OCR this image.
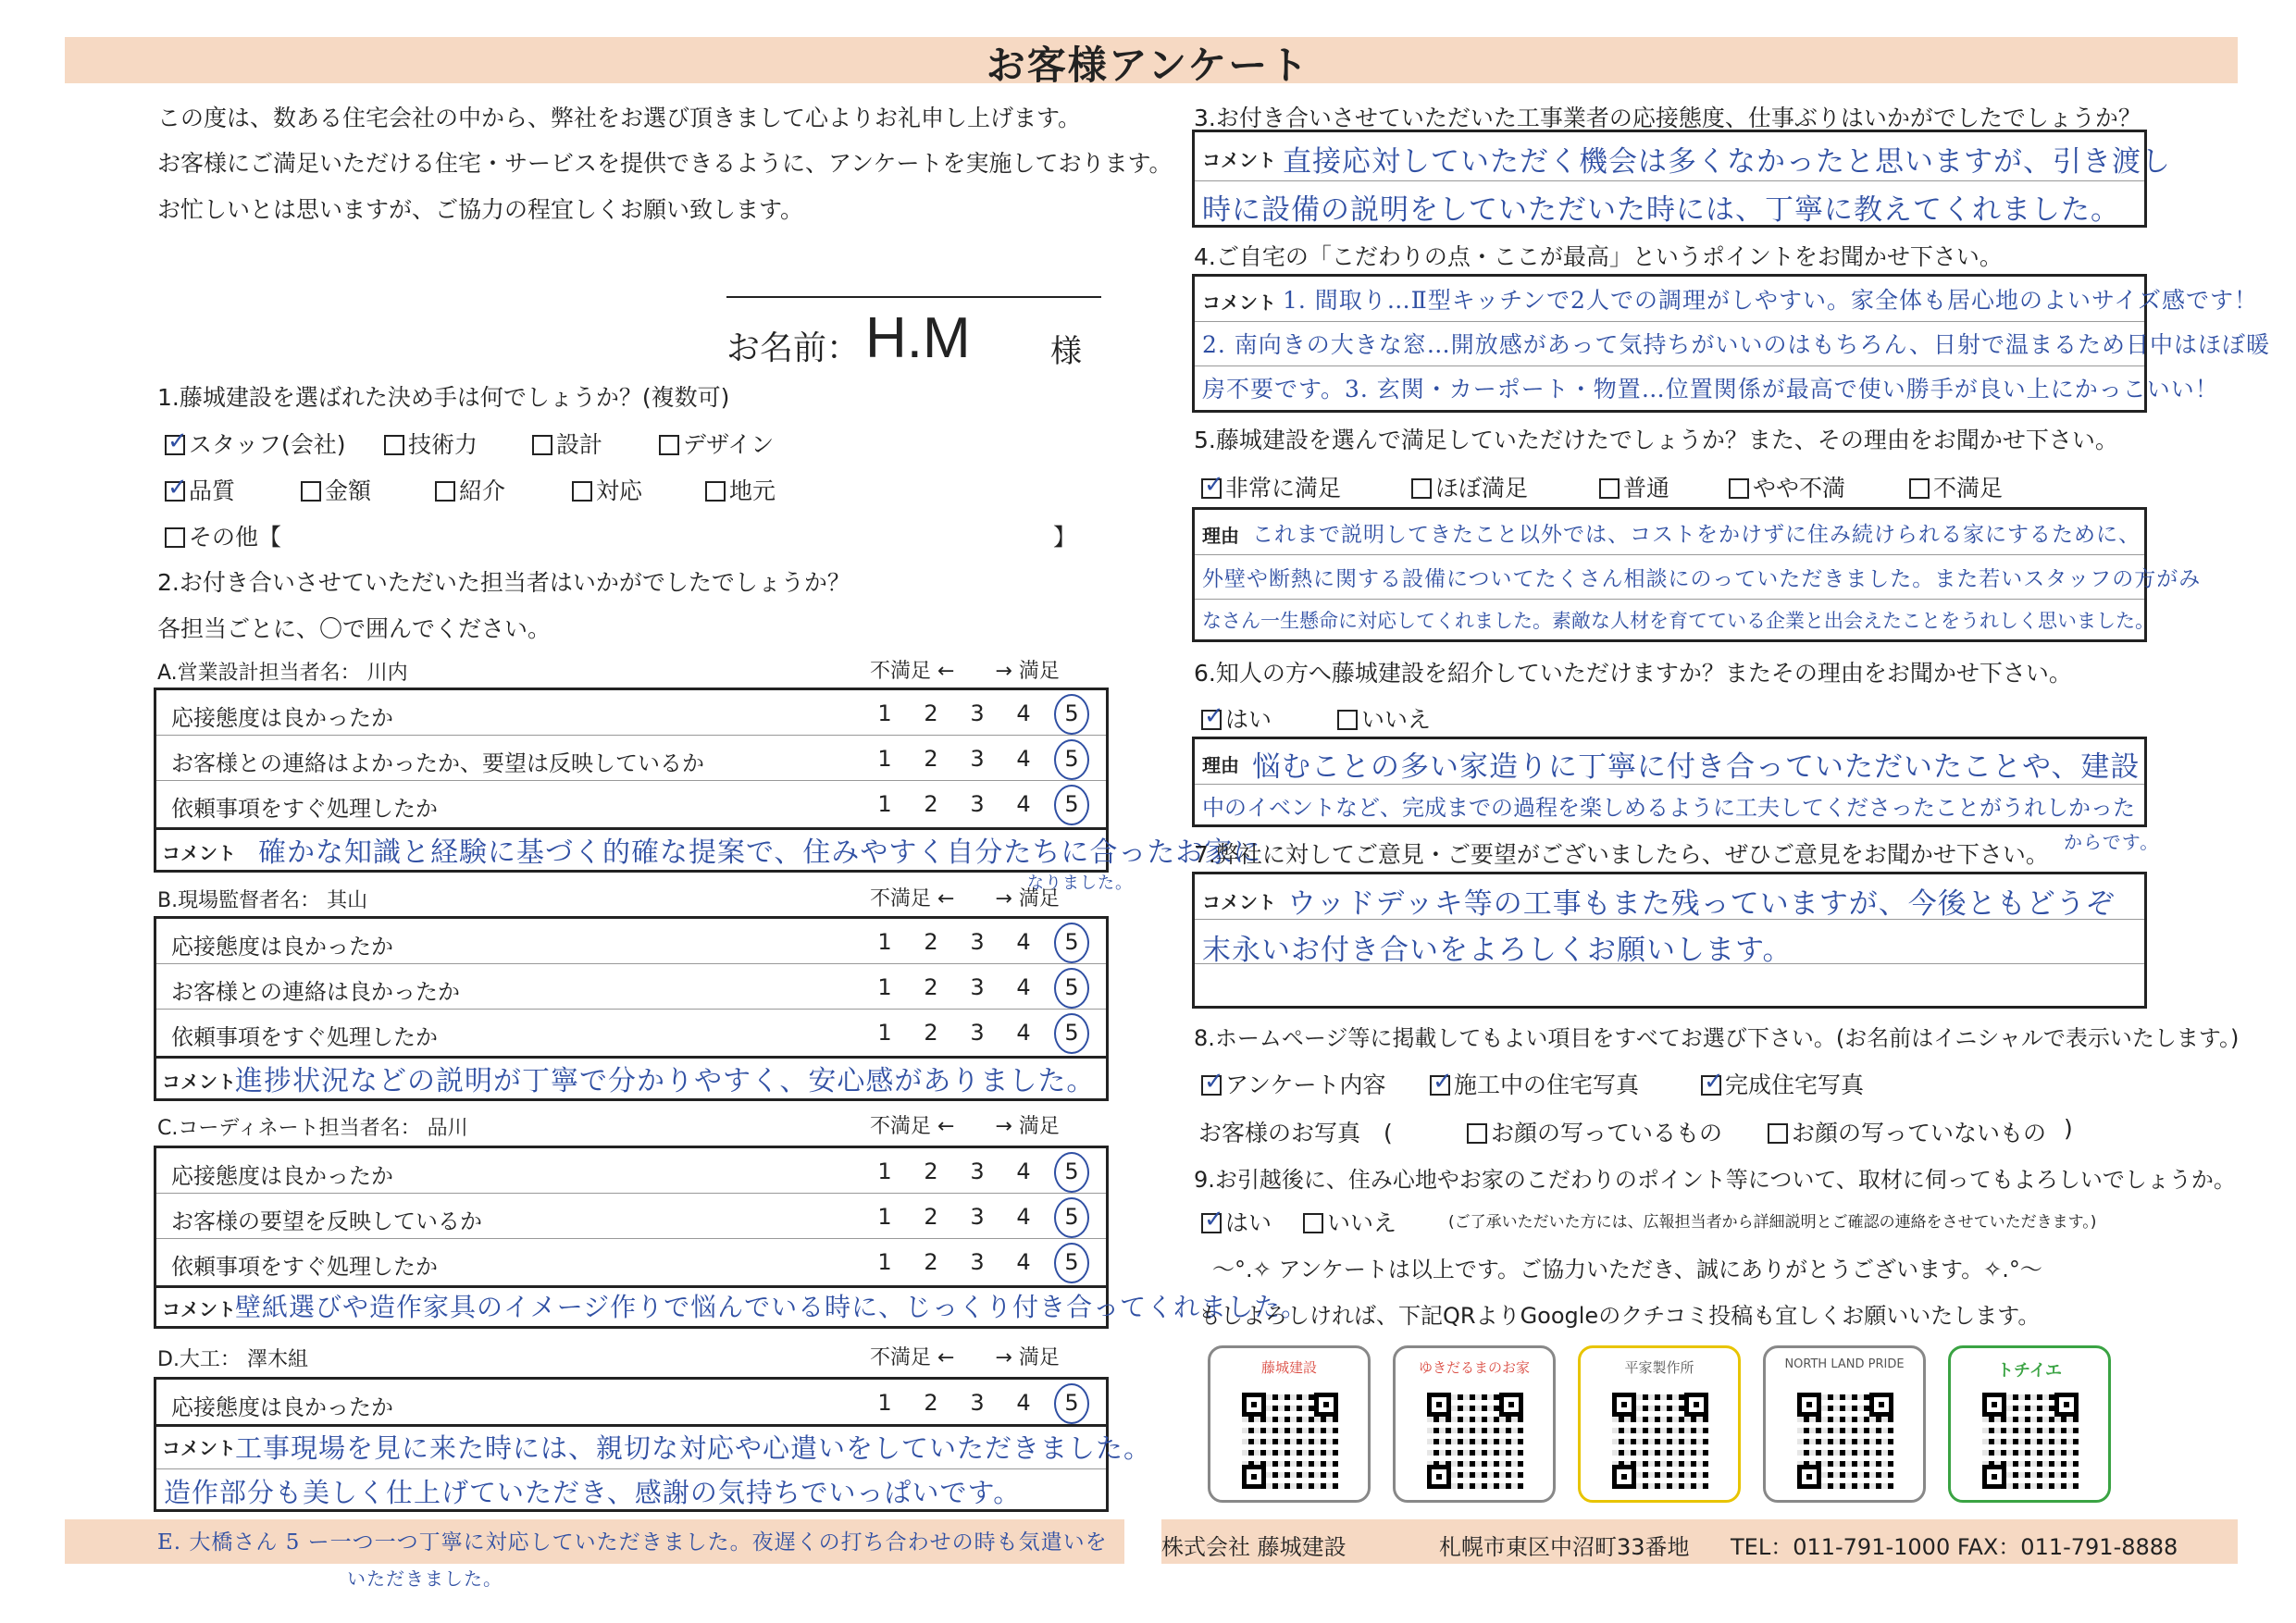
お客様アンケート
この度は、数ある住宅会社の中から、弊社をお選び頂きまして心よりお礼申し上げます。
お客様にご満足いただける住宅・サービスを提供できるように、アンケートを実施しております。
お忙しいとは思いますが、ご協力の程宜しくお願い致します。
お名前： H.M	様
1.藤城建設を選ばれた決め手は何でしょうか？(複数可)
✓スタッフ(会社)	技術力	設計	デザイン
✓品質	金額	紹介	対応	地元
その他【	】
2.お付き合いさせていただいた担当者はいかがでしたでしょうか？
各担当ごとに、〇で囲んでください。
A.営業設計担当者名： 川内	不満足 ←　　→ 満足
応接態度は良かったか	1 2 3 4 5
お客様との連絡はよかったか、要望は反映しているか	1 2 3 4 5
依頼事項をすぐ処理したか	1 2 3 4 5
コメント 確かな知識と経験に基づく的確な提案で、住みやすく自分たちに合ったお家に
なりました。
B.現場監督者名： 其山	不満足 ←　　→ 満足
応接態度は良かったか	1 2 3 4 5
お客様との連絡は良かったか	1 2 3 4 5
依頼事項をすぐ処理したか	1 2 3 4 5
コメント 進捗状況などの説明が丁寧で分かりやすく、安心感がありました。
C.コーディネート担当者名： 品川	不満足 ←　　→ 満足
応接態度は良かったか	1 2 3 4 5
お客様の要望を反映しているか	1 2 3 4 5
依頼事項をすぐ処理したか	1 2 3 4 5
コメント 壁紙選びや造作家具のイメージ作りで悩んでいる時に、じっくり付き合ってくれました。
D.大工： 澤木組	不満足 ←　　→ 満足
応接態度は良かったか	1 2 3 4 5
コメント 工事現場を見に来た時には、親切な対応や心遣いをしていただきました。
造作部分も美しく仕上げていただき、感謝の気持ちでいっぱいです。
E. 大橋さん 5 ー一つ一つ丁寧に対応していただきました。夜遅くの打ち合わせの時も気遣いを
いただきました。
3.お付き合いさせていただいた工事業者の応接態度、仕事ぶりはいかがでしたでしょうか？
コメント 直接応対していただく機会は多くなかったと思いますが、引き渡し
時に設備の説明をしていただいた時には、丁寧に教えてくれました。
4.ご自宅の「こだわりの点・ここが最高」というポイントをお聞かせ下さい。
コメント 1. 間取り…Ⅱ型キッチンで2人での調理がしやすい。家全体も居心地のよいサイズ感です！
2. 南向きの大きな窓…開放感があって気持ちがいいのはもちろん、日射で温まるため日中はほぼ暖
房不要です。3. 玄関・カーポート・物置…位置関係が最高で使い勝手が良い上にかっこいい！
5.藤城建設を選んで満足していただけたでしょうか？また、その理由をお聞かせ下さい。
✓非常に満足	ほぼ満足	普通	やや不満	不満足
理由 これまで説明してきたこと以外では、コストをかけずに住み続けられる家にするために、
外壁や断熱に関する設備についてたくさん相談にのっていただきました。また若いスタッフの方がみ
なさん一生懸命に対応してくれました。素敵な人材を育てている企業と出会えたことをうれしく思いました。
6.知人の方へ藤城建設を紹介していただけますか？またその理由をお聞かせ下さい。
✓はい	いいえ
理由 悩むことの多い家造りに丁寧に付き合っていただいたことや、建設
中のイベントなど、完成までの過程を楽しめるように工夫してくださったことがうれしかった
からです。
7.弊社に対してご意見・ご要望がございましたら、ぜひご意見をお聞かせ下さい。
コメント ウッドデッキ等の工事もまた残っていますが、今後ともどうぞ
末永いお付き合いをよろしくお願いします。
8.ホームページ等に掲載してもよい項目をすべてお選び下さい。(お名前はイニシャルで表示いたします。)
✓アンケート内容 ✓	施工中の住宅写真 ✓	完成住宅写真
お客様のお写真　(	お顔の写っているもの	お顔の写っていないもの )
9.お引越後に、住み心地やお家のこだわりのポイント等について、取材に伺ってもよろしいでしょうか。
✓はい	いいえ	(ご了承いただいた方には、広報担当者から詳細説明とご確認の連絡をさせていただきます。)
～°.✧ アンケートは以上です。ご協力いただき、誠にありがとうございます。✧.°～
もしよろしければ、下記QRよりGoogleのクチコミ投稿も宜しくお願いいたします。
藤城建設	ゆきだるまのお家	平家製作所	NORTH LAND PRIDE	トチイエ
株式会社 藤城建設	札幌市東区中沼町33番地 TEL：011-791-1000 FAX：011-791-8888
